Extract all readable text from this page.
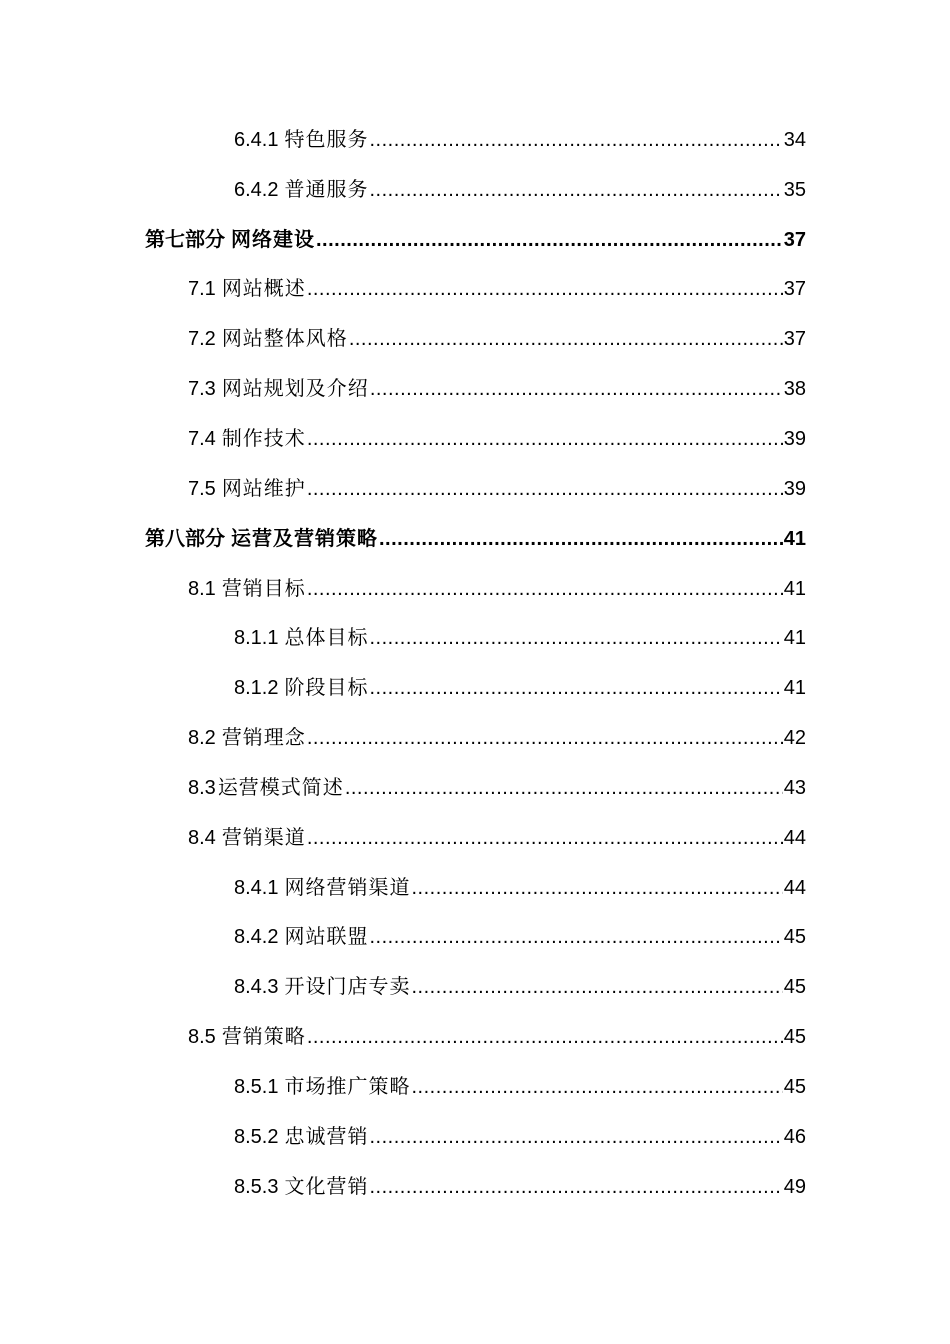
6.4.1 特色服务 .....	34
6.4.2 普通服务 .....	35
第七部分 网络建设 .....	37
7.1 网站概述 .....	37
7.2 网站整体风格 .....	37
7.3 网站规划及介绍 .....	38
7.4 制作技术 .....	39
7.5 网站维护 .....	39
第八部分 运营及营销策略 .....	41
8.1 营销目标 .....	41
8.1.1 总体目标 .....	41
8.1.2 阶段目标 .....	41
8.2 营销理念 .....	42
8.3 运营模式简述 .....	43
8.4 营销渠道 .....	44
8.4.1 网络营销渠道 .....	44
8.4.2 网站联盟 .....	45
8.4.3 开设门店专卖 .....	45
8.5 营销策略 .....	45
8.5.1 市场推广策略 .....	45
8.5.2 忠诚营销 .....	46
8.5.3 文化营销 .....	49
